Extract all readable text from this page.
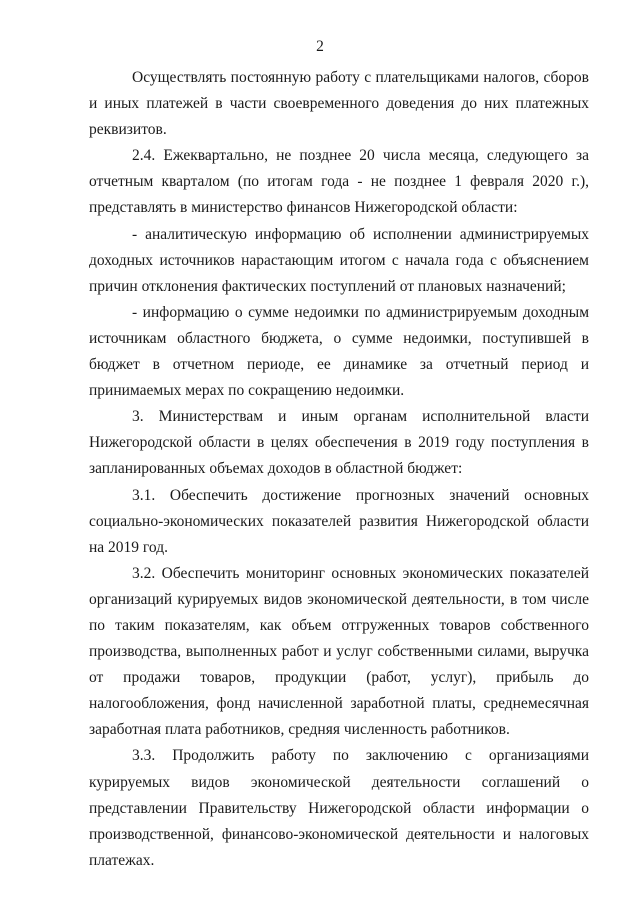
2

Осуществлять постоянную работу с плательщиками налогов, сборов и иных платежей в части своевременного доведения до них платежных реквизитов.

2.4. Ежеквартально, не позднее 20 числа месяца, следующего за отчетным кварталом (по итогам года - не позднее 1 февраля 2020 г.), представлять в министерство финансов Нижегородской области:

- аналитическую информацию об исполнении администрируемых доходных источников нарастающим итогом с начала года с объяснением причин отклонения фактических поступлений от плановых назначений;

- информацию о сумме недоимки по администрируемым доходным источникам областного бюджета, о сумме недоимки, поступившей в бюджет в отчетном периоде, ее динамике за отчетный период и принимаемых мерах по сокращению недоимки.

3. Министерствам и иным органам исполнительной власти Нижегородской области в целях обеспечения в 2019 году поступления в запланированных объемах доходов в областной бюджет:

3.1. Обеспечить достижение прогнозных значений основных социально-экономических показателей развития Нижегородской области на 2019 год.

3.2. Обеспечить мониторинг основных экономических показателей организаций курируемых видов экономической деятельности, в том числе по таким показателям, как объем отгруженных товаров собственного производства, выполненных работ и услуг собственными силами, выручка от продажи товаров, продукции (работ, услуг), прибыль до налогообложения, фонд начисленной заработной платы, среднемесячная заработная плата работников, средняя численность работников.

3.3. Продолжить работу по заключению с организациями курируемых видов экономической деятельности соглашений о представлении Правительству Нижегородской области информации о производственной, финансово-экономической деятельности и налоговых платежах.
